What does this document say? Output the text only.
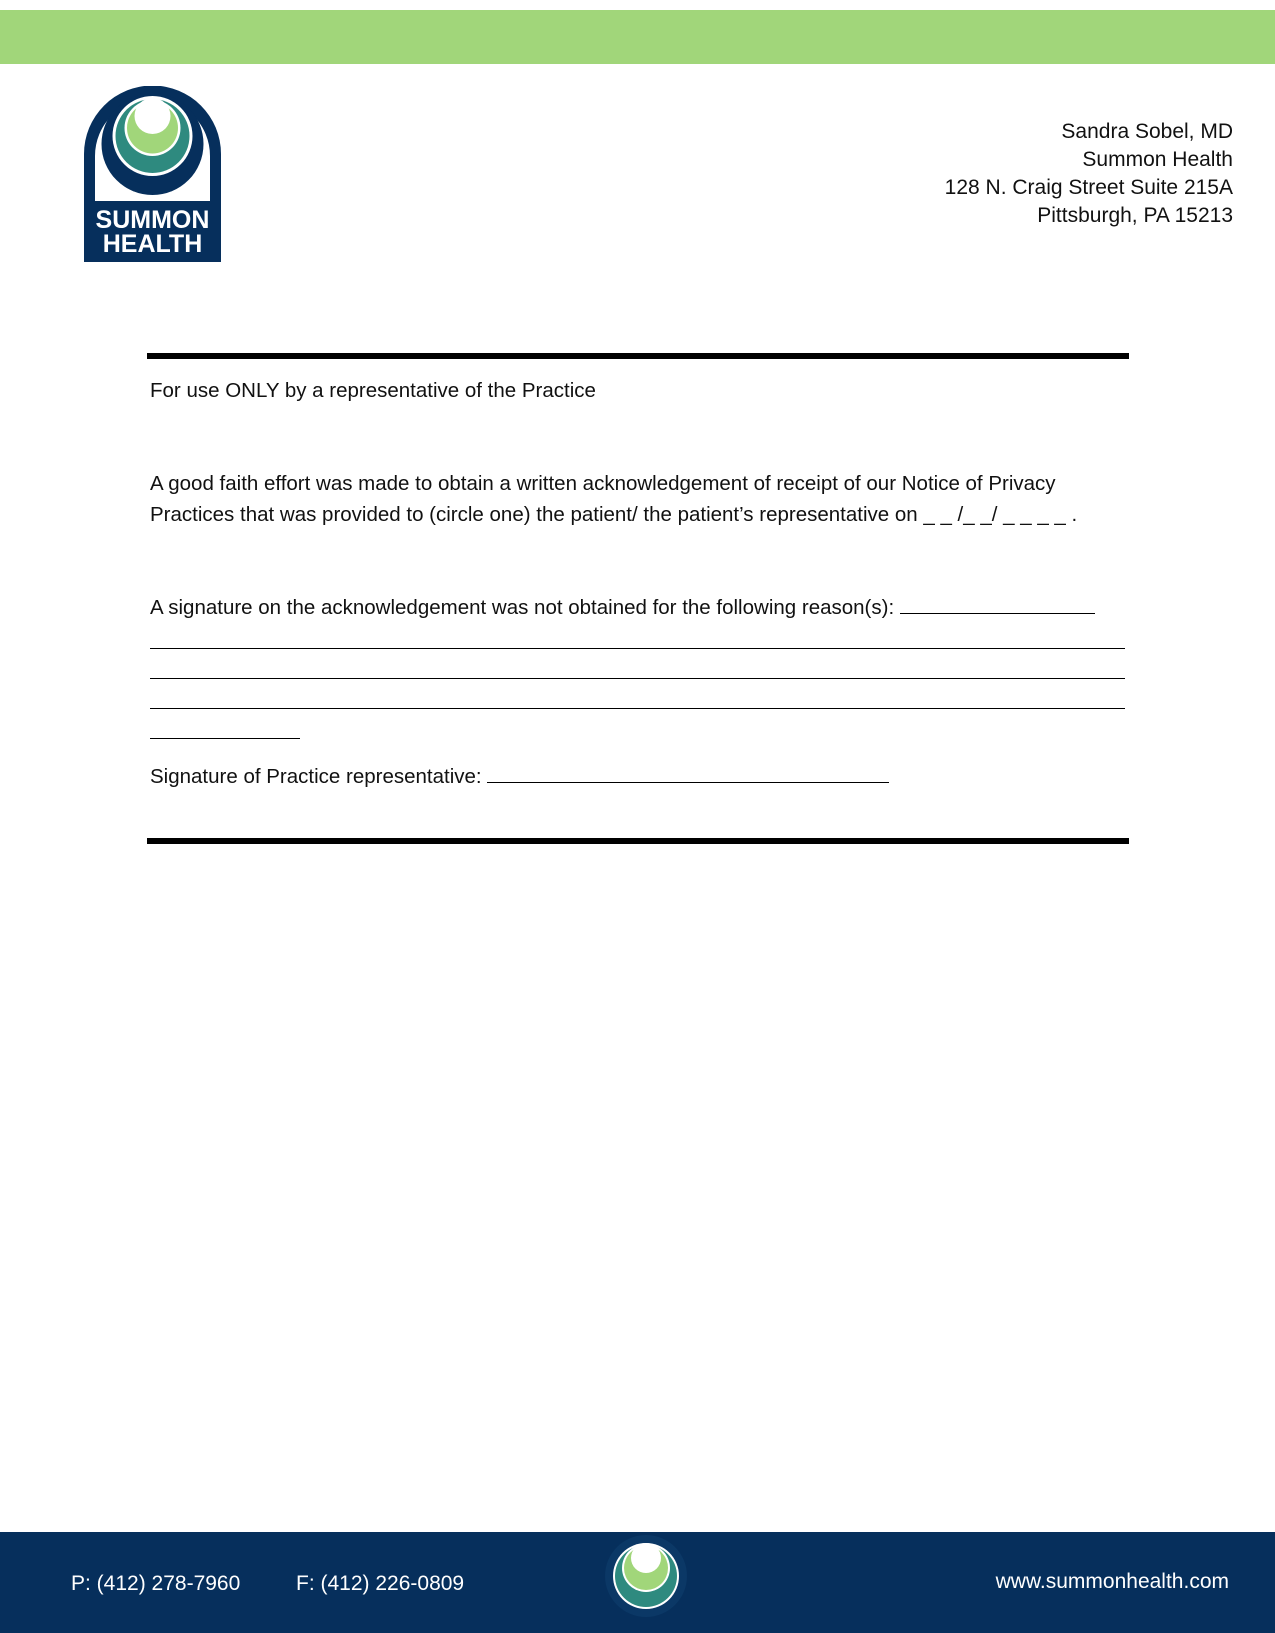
SUMMON
HEALTH
Sandra Sobel, MD
Summon Health
128 N. Craig Street Suite 215A
Pittsburgh, PA 15213
For use ONLY by a representative of the Practice
A good faith effort was made to obtain a written acknowledgement of receipt of our Notice of Privacy
Practices that was provided to (circle one) the patient/ the patient’s representative on _ _ /_ _/ _ _ _ _ .
A signature on the acknowledgement was not obtained for the following reason(s):
Signature of Practice representative:
P: (412) 278-7960	F: (412) 226-0809	www.summonhealth.com
